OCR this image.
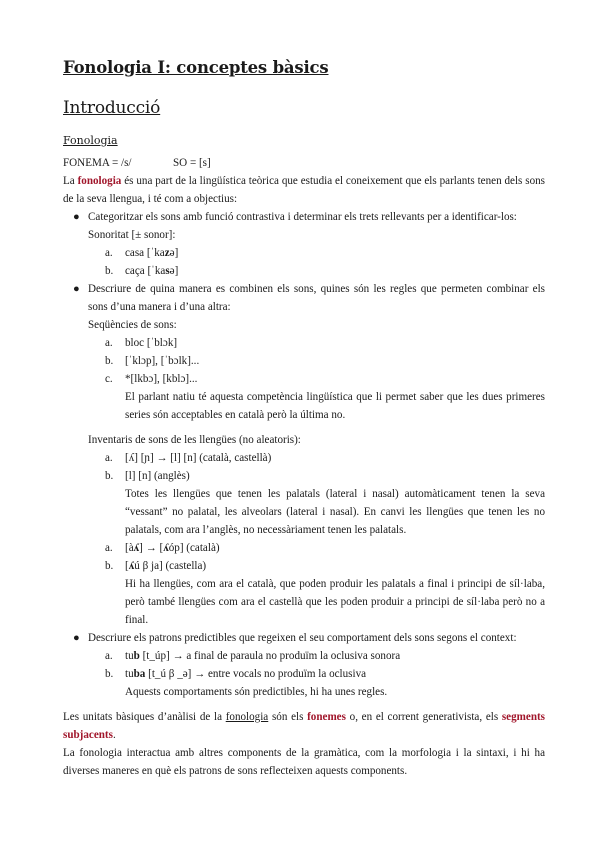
Fonologia I: conceptes bàsics
Introducció
Fonologia
FONEMA = /s/	SO = [s]

La fonologia és una part de la lingüística teòrica que estudia el coneixement que els parlants tenen dels sons de la seva llengua, i té com a objectius:

● Categoritzar els sons amb funció contrastiva i determinar els trets rellevants per a identificar-los:

Sonoritat [± sonor]:

a. casa [ˈkazə]
b. caça [ˈkasə]
● Descriure de quina manera es combinen els sons, quines són les regles que permeten combinar els sons d’una manera i d’una altra:

Seqüències de sons:

a. bloc [ˈblɔk]
b. [ˈklɔp], [ˈbɔlk]...
c. *[lkbɔ], [kblɔ]...

El parlant natiu té aquesta competència lingüística que li permet saber que les dues primeres series són acceptables en català però la última no.

Inventaris de sons de les llengües (no aleatoris):

a. [ʎ] [ɲ] → [l] [n] (català, castellà)
b. [l] [n] (anglès)

Totes les llengües que tenen les palatals (lateral i nasal) automàticament tenen la seva “vessant” no palatal, les alveolars (lateral i nasal). En canvi les llengües que tenen les no palatals, com ara l’anglès, no necessàriament tenen les palatals.

a. [àʎ] → [ʎóp] (català)
b. [ʎú β ja] (castella)

Hi ha llengües, com ara el català, que poden produir les palatals a final i principi de síl·laba, però també llengües com ara el castellà que les poden produir a principi de síl·laba però no a final.

● Descriure els patrons predictibles que regeixen el seu comportament dels sons segons el context:

a. tub [t_úp] → a final de paraula no produïm la oclusiva sonora
b. tuba [t_ú β _ə] → entre vocals no produïm la oclusiva

Aquests comportaments són predictibles, hi ha unes regles.

Les unitats bàsiques d’anàlisi de la fonologia són els fonemes o, en el corrent generativista, els segments subjacents.

La fonologia interactua amb altres components de la gramàtica, com la morfologia i la sintaxi, i hi ha diverses maneres en què els patrons de sons reflecteixen aquests components.
